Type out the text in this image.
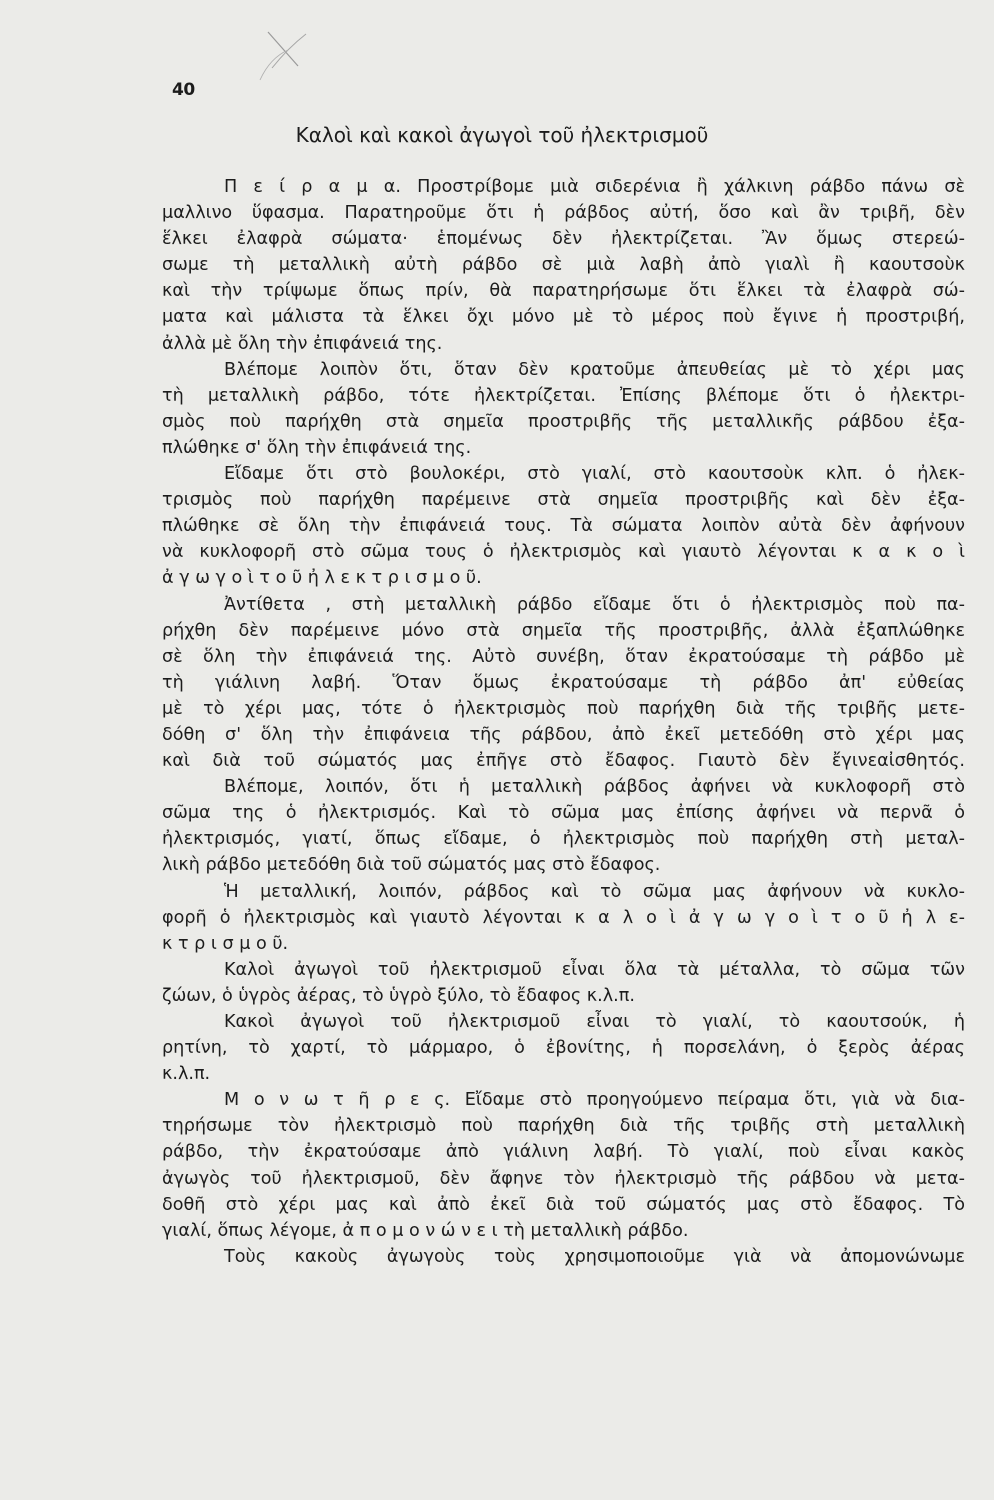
40
Καλοὶ καὶ κακοὶ ἀγωγοὶ τοῦ ἠλεκτρισμοῦ
Π ε ί ρ α μ α. Προστρίβομε μιὰ σιδερένια ἢ χάλκινη ράβδο πάνω σὲ
μαλλινο ὕφασμα. Παρατηροῦμε ὅτι ἡ ράβδος αὐτή, ὅσο καὶ ἂν τριβῆ, δὲν
ἕλκει ἐλαφρὰ σώματα· ἑπομένως δὲν ἠλεκτρίζεται. Ἂν ὅμως στερεώ-
σωμε τὴ μεταλλικὴ αὐτὴ ράβδο σὲ μιὰ λαβὴ ἀπὸ γιαλὶ ἢ καουτσοὺκ
καὶ τὴν τρίψωμε ὅπως πρίν, θὰ παρατηρήσωμε ὅτι ἕλκει τὰ ἐλαφρὰ σώ-
ματα καὶ μάλιστα τὰ ἕλκει ὄχι μόνο μὲ τὸ μέρος ποὺ ἔγινε ἡ προστριβή,
ἀλλὰ μὲ ὅλη τὴν ἐπιφάνειά της.
Βλέπομε λοιπὸν ὅτι, ὅταν δὲν κρατοῦμε ἀπευθείας μὲ τὸ χέρι μας
τὴ μεταλλικὴ ράβδο, τότε ἠλεκτρίζεται. Ἐπίσης βλέπομε ὅτι ὁ ἠλεκτρι-
σμὸς ποὺ παρήχθη στὰ σημεῖα προστριβῆς τῆς μεταλλικῆς ράβδου ἐξα-
πλώθηκε σ' ὅλη τὴν ἐπιφάνειά της.
Εἴδαμε ὅτι στὸ βουλοκέρι, στὸ γιαλί, στὸ καουτσοὺκ κλπ. ὁ ἠλεκ-
τρισμὸς ποὺ παρήχθη παρέμεινε στὰ σημεῖα προστριβῆς καὶ δὲν ἐξα-
πλώθηκε σὲ ὅλη τὴν ἐπιφάνειά τους. Τὰ σώματα λοιπὸν αὐτὰ δὲν ἀφήνουν
νὰ κυκλοφορῆ στὸ σῶμα τους ὁ ἠλεκτρισμὸς καὶ γιαυτὸ λέγονται κ α κ ο ὶ
ἀ γ ω γ ο ὶ τ ο ῦ ἠ λ ε κ τ ρ ι σ μ ο ῦ.
Ἀντίθετα , στὴ μεταλλικὴ ράβδο εἴδαμε ὅτι ὁ ἠλεκτρισμὸς ποὺ πα-
ρήχθη δὲν παρέμεινε μόνο στὰ σημεῖα τῆς προστριβῆς, ἀλλὰ ἐξαπλώθηκε
σὲ ὅλη τὴν ἐπιφάνειά της. Αὐτὸ συνέβη, ὅταν ἐκρατούσαμε τὴ ράβδο μὲ
τὴ γιάλινη λαβή. Ὅταν ὅμως ἐκρατούσαμε τὴ ράβδο ἀπ' εὐθείας
μὲ τὸ χέρι μας, τότε ὁ ἠλεκτρισμὸς ποὺ παρήχθη διὰ τῆς τριβῆς μετε-
δόθη σ' ὅλη τὴν ἐπιφάνεια τῆς ράβδου, ἀπὸ ἐκεῖ μετεδόθη στὸ χέρι μας
καὶ διὰ τοῦ σώματός μας ἐπῆγε στὸ ἔδαφος. Γιαυτὸ δὲν ἔγινεαἰσθητός.
Βλέπομε, λοιπόν, ὅτι ἡ μεταλλικὴ ράβδος ἀφήνει νὰ κυκλοφορῆ στὸ
σῶμα της ὁ ἠλεκτρισμός. Καὶ τὸ σῶμα μας ἐπίσης ἀφήνει νὰ περνᾶ ὁ
ἠλεκτρισμός, γιατί, ὅπως εἴδαμε, ὁ ἠλεκτρισμὸς ποὺ παρήχθη στὴ μεταλ-
λικὴ ράβδο μετεδόθη διὰ τοῦ σώματός μας στὸ ἔδαφος.
Ἡ μεταλλική, λοιπόν, ράβδος καὶ τὸ σῶμα μας ἀφήνουν νὰ κυκλο-
φορῆ ὁ ἠλεκτρισμὸς καὶ γιαυτὸ λέγονται κ α λ ο ὶ ἀ γ ω γ ο ὶ τ ο ῦ ἠ λ ε-
κ τ ρ ι σ μ ο ῦ.
Καλοὶ ἀγωγοὶ τοῦ ἠλεκτρισμοῦ εἶναι ὅλα τὰ μέταλλα, τὸ σῶμα τῶν
ζώων, ὁ ὑγρὸς ἀέρας, τὸ ὑγρὸ ξύλο, τὸ ἔδαφος κ.λ.π.
Κακοὶ ἀγωγοὶ τοῦ ἠλεκτρισμοῦ εἶναι τὸ γιαλί, τὸ καουτσούκ, ἡ
ρητίνη, τὸ χαρτί, τὸ μάρμαρο, ὁ ἐβονίτης, ἡ πορσελάνη, ὁ ξερὸς ἀέρας
κ.λ.π.
Μ ο ν ω τ ῆ ρ ε ς. Εἴδαμε στὸ προηγούμενο πείραμα ὅτι, γιὰ νὰ δια-
τηρήσωμε τὸν ἠλεκτρισμὸ ποὺ παρήχθη διὰ τῆς τριβῆς στὴ μεταλλικὴ
ράβδο, τὴν ἐκρατούσαμε ἀπὸ γιάλινη λαβή. Τὸ γιαλί, ποὺ εἶναι κακὸς
ἀγωγὸς τοῦ ἠλεκτρισμοῦ, δὲν ἄφηνε τὸν ἠλεκτρισμὸ τῆς ράβδου νὰ μετα-
δοθῆ στὸ χέρι μας καὶ ἀπὸ ἐκεῖ διὰ τοῦ σώματός μας στὸ ἔδαφος. Τὸ
γιαλί, ὅπως λέγομε, ἀ π ο μ ο ν ώ ν ε ι τὴ μεταλλικὴ ράβδο.
Τοὺς κακοὺς ἀγωγοὺς τοὺς χρησιμοποιοῦμε γιὰ νὰ ἀπομονώνωμε
